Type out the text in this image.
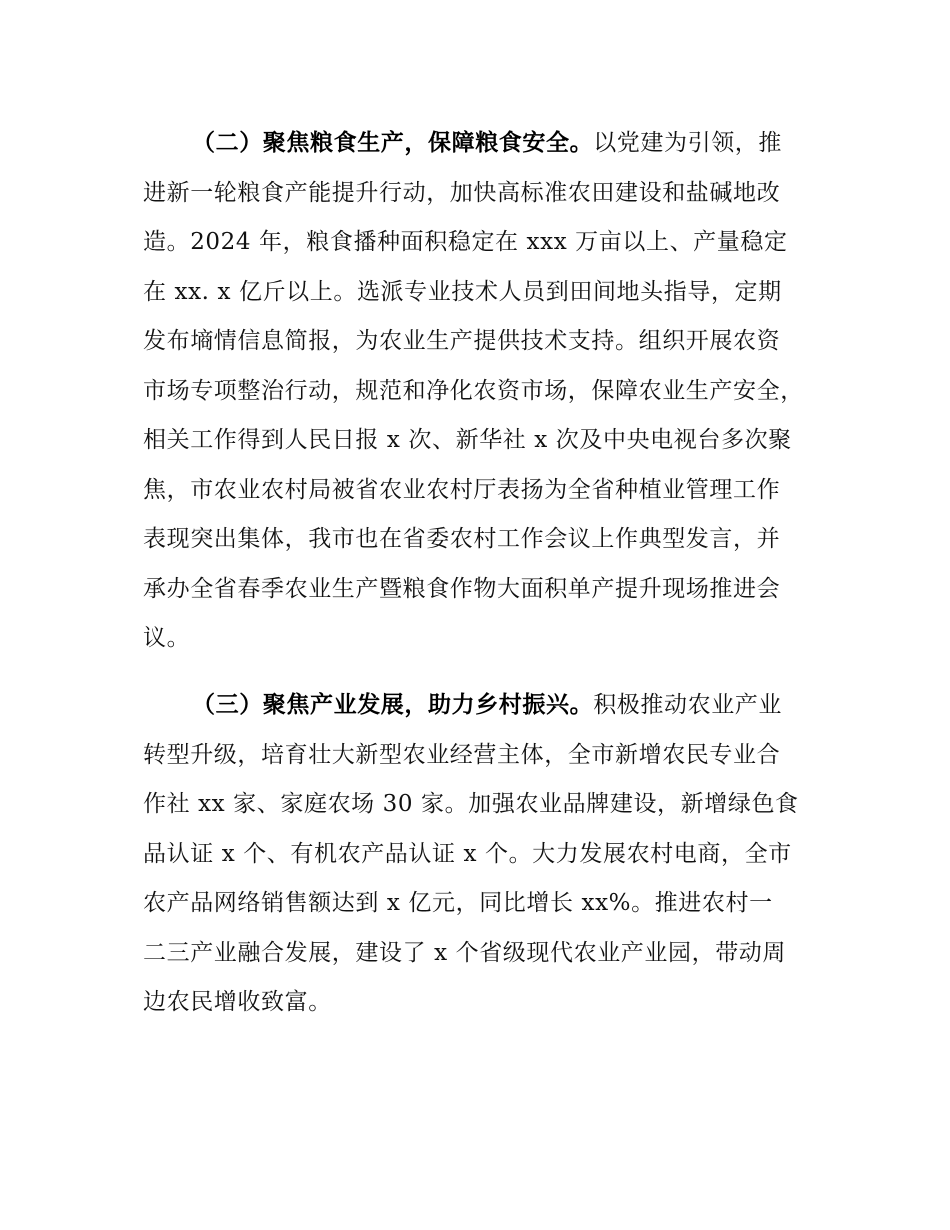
（二）聚焦粮食生产，保障粮食安全。以党建为引领，推
进新一轮粮食产能提升行动，加快高标准农田建设和盐碱地改
造。2024 年，粮食播种面积稳定在 xxx 万亩以上、产量稳定
在 xx. x 亿斤以上。选派专业技术人员到田间地头指导，定期
发布墒情信息简报，为农业生产提供技术支持。组织开展农资
市场专项整治行动，规范和净化农资市场，保障农业生产安全，
相关工作得到人民日报 x 次、新华社 x 次及中央电视台多次聚
焦，市农业农村局被省农业农村厅表扬为全省种植业管理工作
表现突出集体，我市也在省委农村工作会议上作典型发言，并
承办全省春季农业生产暨粮食作物大面积单产提升现场推进会
议。
（三）聚焦产业发展，助力乡村振兴。积极推动农业产业
转型升级，培育壮大新型农业经营主体，全市新增农民专业合
作社 xx 家、家庭农场 30 家。加强农业品牌建设，新增绿色食
品认证 x 个、有机农产品认证 x 个。大力发展农村电商，全市
农产品网络销售额达到 x 亿元，同比增长 xx%。推进农村一
二三产业融合发展，建设了 x 个省级现代农业产业园，带动周
边农民增收致富。
